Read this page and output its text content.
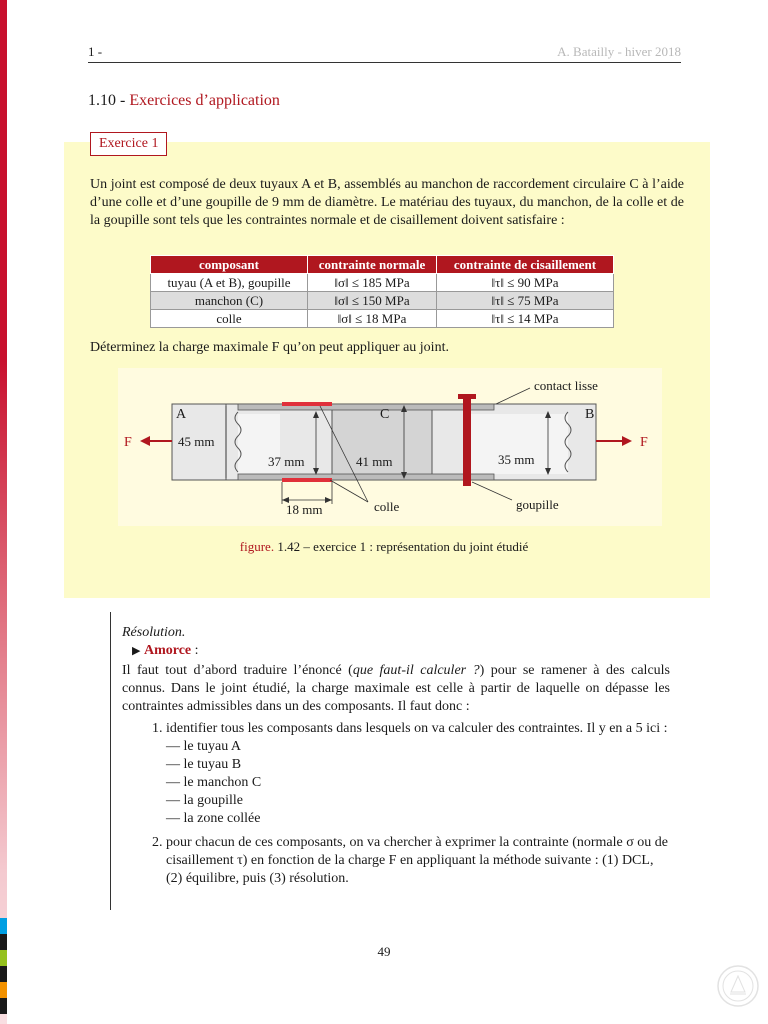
1 -	A. Batailly - hiver 2018
1.10 - Exercices d’application
Exercice 1
Un joint est composé de deux tuyaux A et B, assemblés au manchon de raccordement circulaire C à l’aide d’une colle et d’une goupille de 9 mm de diamètre. Le matériau des tuyaux, du manchon, de la colle et de la goupille sont tels que les contraintes normale et de cisaillement doivent satisfaire :
composant	contrainte normale	contrainte de cisaillement
tuyau (A et B), goupille	‖σ‖ ≤ 185 MPa	‖τ‖ ≤ 90 MPa
manchon (C)	‖σ‖ ≤ 150 MPa	‖τ‖ ≤ 75 MPa
colle	‖σ‖ ≤ 18 MPa	‖τ‖ ≤ 14 MPa
Déterminez la charge maximale F qu’on peut appliquer au joint.
A	B
C
F	F
45 mm
37 mm	41 mm	35 mm
18 mm
contact lisse
colle	goupille
figure. 1.42 – exercice 1 : représentation du joint étudié
Résolution.
▶ Amorce :
Il faut tout d’abord traduire l’énoncé (que faut-il calculer ?) pour se ramener à des calculs connus. Dans le joint étudié, la charge maximale est celle à partir de laquelle on dépasse les contraintes admissibles dans un des composants. Il faut donc :
1. identifier tous les composants dans lesquels on va calculer des contraintes. Il y en a 5 ici :
— le tuyau A
— le tuyau B
— le manchon C
— la goupille
— la zone collée
2. pour chacun de ces composants, on va chercher à exprimer la contrainte (normale σ ou de cisaillement τ) en fonction de la charge F en appliquant la méthode suivante : (1) DCL, (2) équilibre, puis (3) résolution.
49
